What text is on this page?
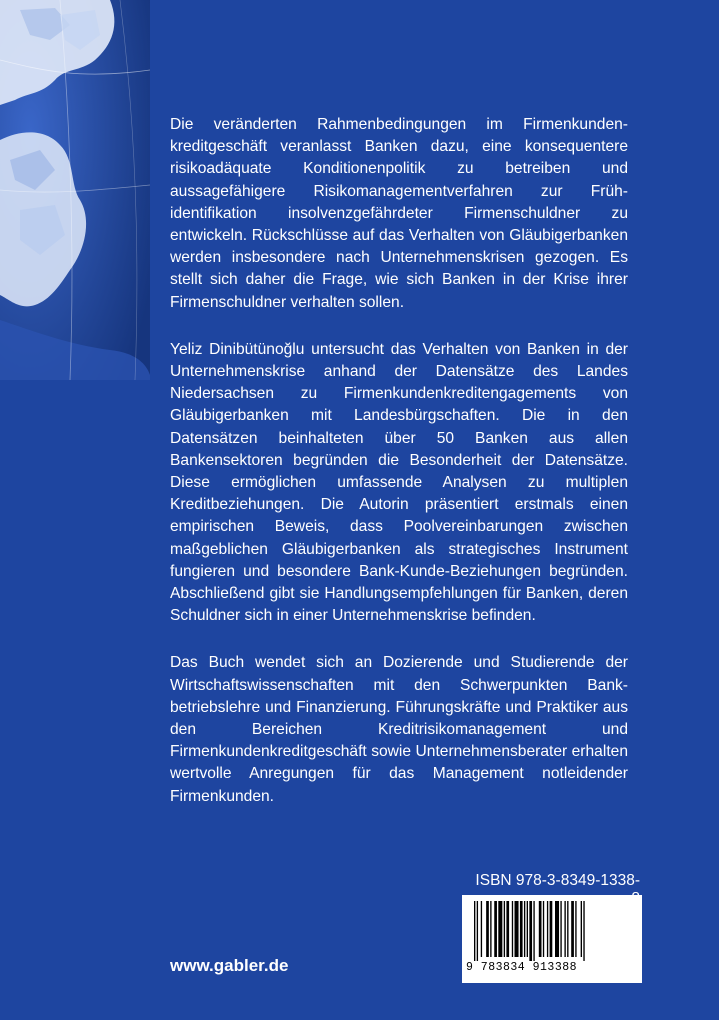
Die veränderten Rahmenbedingungen im Firmenkundenkreditgeschäft veranlasst Banken dazu, eine konsequentere risikoadäquate Konditionenpolitik zu betreiben und aussagefähigere Risikomanagementverfahren zur Frühidentifikation insolvenzgefährdeter Firmenschuldner zu entwickeln. Rückschlüsse auf das Verhalten von Gläubigerbanken werden insbesondere nach Unternehmenskrisen gezogen. Es stellt sich daher die Frage, wie sich Banken in der Krise ihrer Firmenschuldner verhalten sollen.

Yeliz Dinibütünoğlu untersucht das Verhalten von Banken in der Unternehmenskrise anhand der Datensätze des Landes Niedersachsen zu Firmenkundenkreditengagements von Gläubigerbanken mit Landesbürgschaften. Die in den Datensätzen beinhalteten über 50 Banken aus allen Bankensektoren begründen die Besonderheit der Datensätze. Diese ermöglichen umfassende Analysen zu multiplen Kreditbeziehungen. Die Autorin präsentiert erstmals einen empirischen Beweis, dass Poolvereinbarungen zwischen maßgeblichen Gläubigerbanken als strategisches Instrument fungieren und besondere Bank-Kunde-Beziehungen begründen. Abschließend gibt sie Handlungsempfehlungen für Banken, deren Schuldner sich in einer Unternehmenskrise befinden.

Das Buch wendet sich an Dozierende und Studierende der Wirtschaftswissenschaften mit den Schwerpunkten Bankbetriebslehre und Finanzierung. Führungskräfte und Praktiker aus den Bereichen Kreditrisikomanagement und Firmenkundenkreditgeschäft sowie Unternehmensberater erhalten wertvolle Anregungen für das Management notleidender Firmenkunden.

ISBN 978-3-8349-1338-
9 783834 913388
www.gabler.de
